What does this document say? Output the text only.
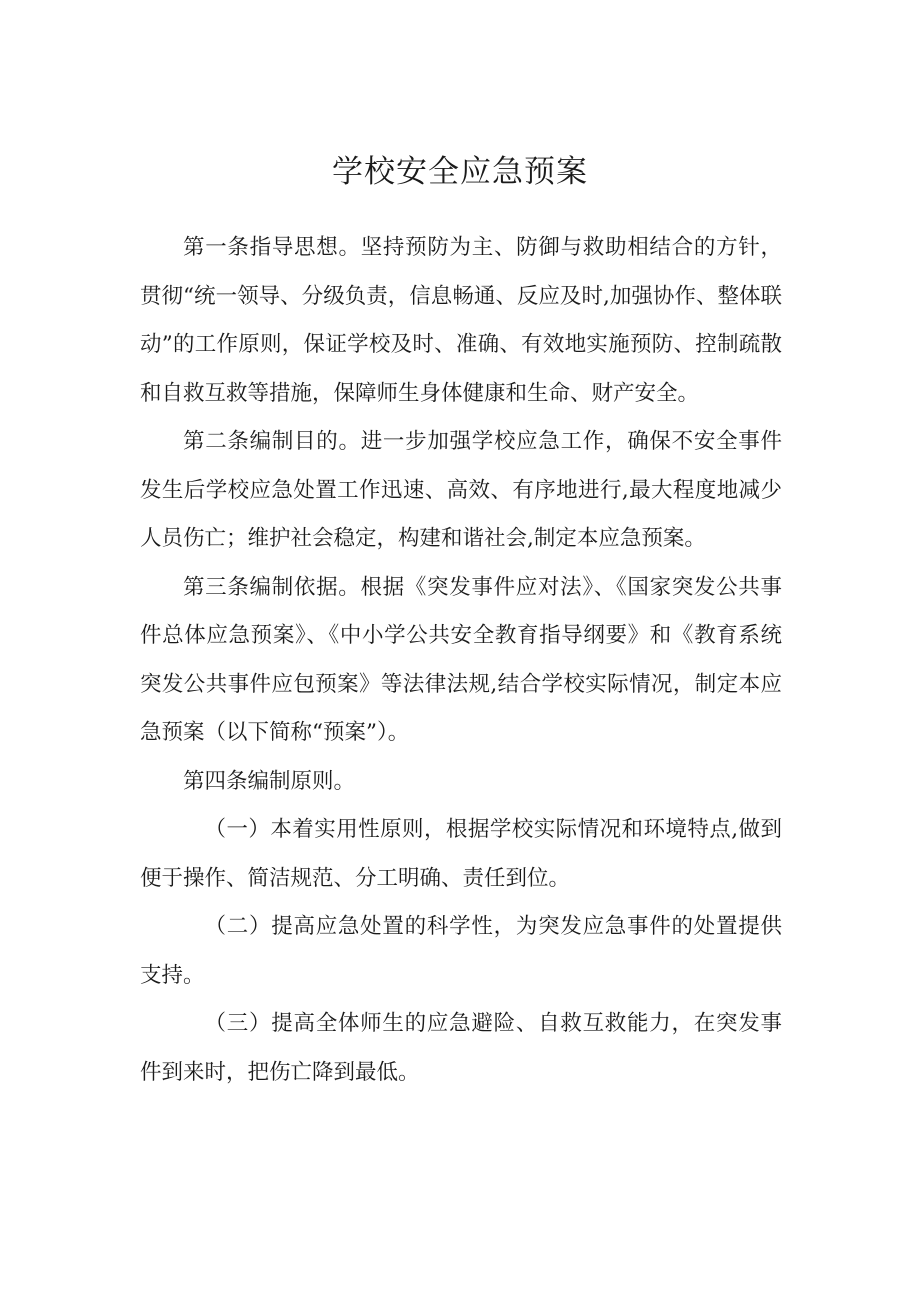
学校安全应急预案

第一条指导思想。坚持预防为主、防御与救助相结合的方针，贯彻“统一领导、分级负责，信息畅通、反应及时,加强协作、整体联动”的工作原则，保证学校及时、准确、有效地实施预防、控制疏散和自救互救等措施，保障师生身体健康和生命、财产安全。

第二条编制目的。进一步加强学校应急工作，确保不安全事件发生后学校应急处置工作迅速、高效、有序地进行,最大程度地减少人员伤亡；维护社会稳定，构建和谐社会,制定本应急预案。

第三条编制依据。根据《突发事件应对法》、《国家突发公共事件总体应急预案》、《中小学公共安全教育指导纲要》和《教育系统突发公共事件应包预案》等法律法规,结合学校实际情况，制定本应急预案（以下简称“预案”）。

第四条编制原则。

（一）本着实用性原则，根据学校实际情况和环境特点,做到便于操作、简洁规范、分工明确、责任到位。

（二）提高应急处置的科学性，为突发应急事件的处置提供支持。

（三）提高全体师生的应急避险、自救互救能力，在突发事件到来时，把伤亡降到最低。
